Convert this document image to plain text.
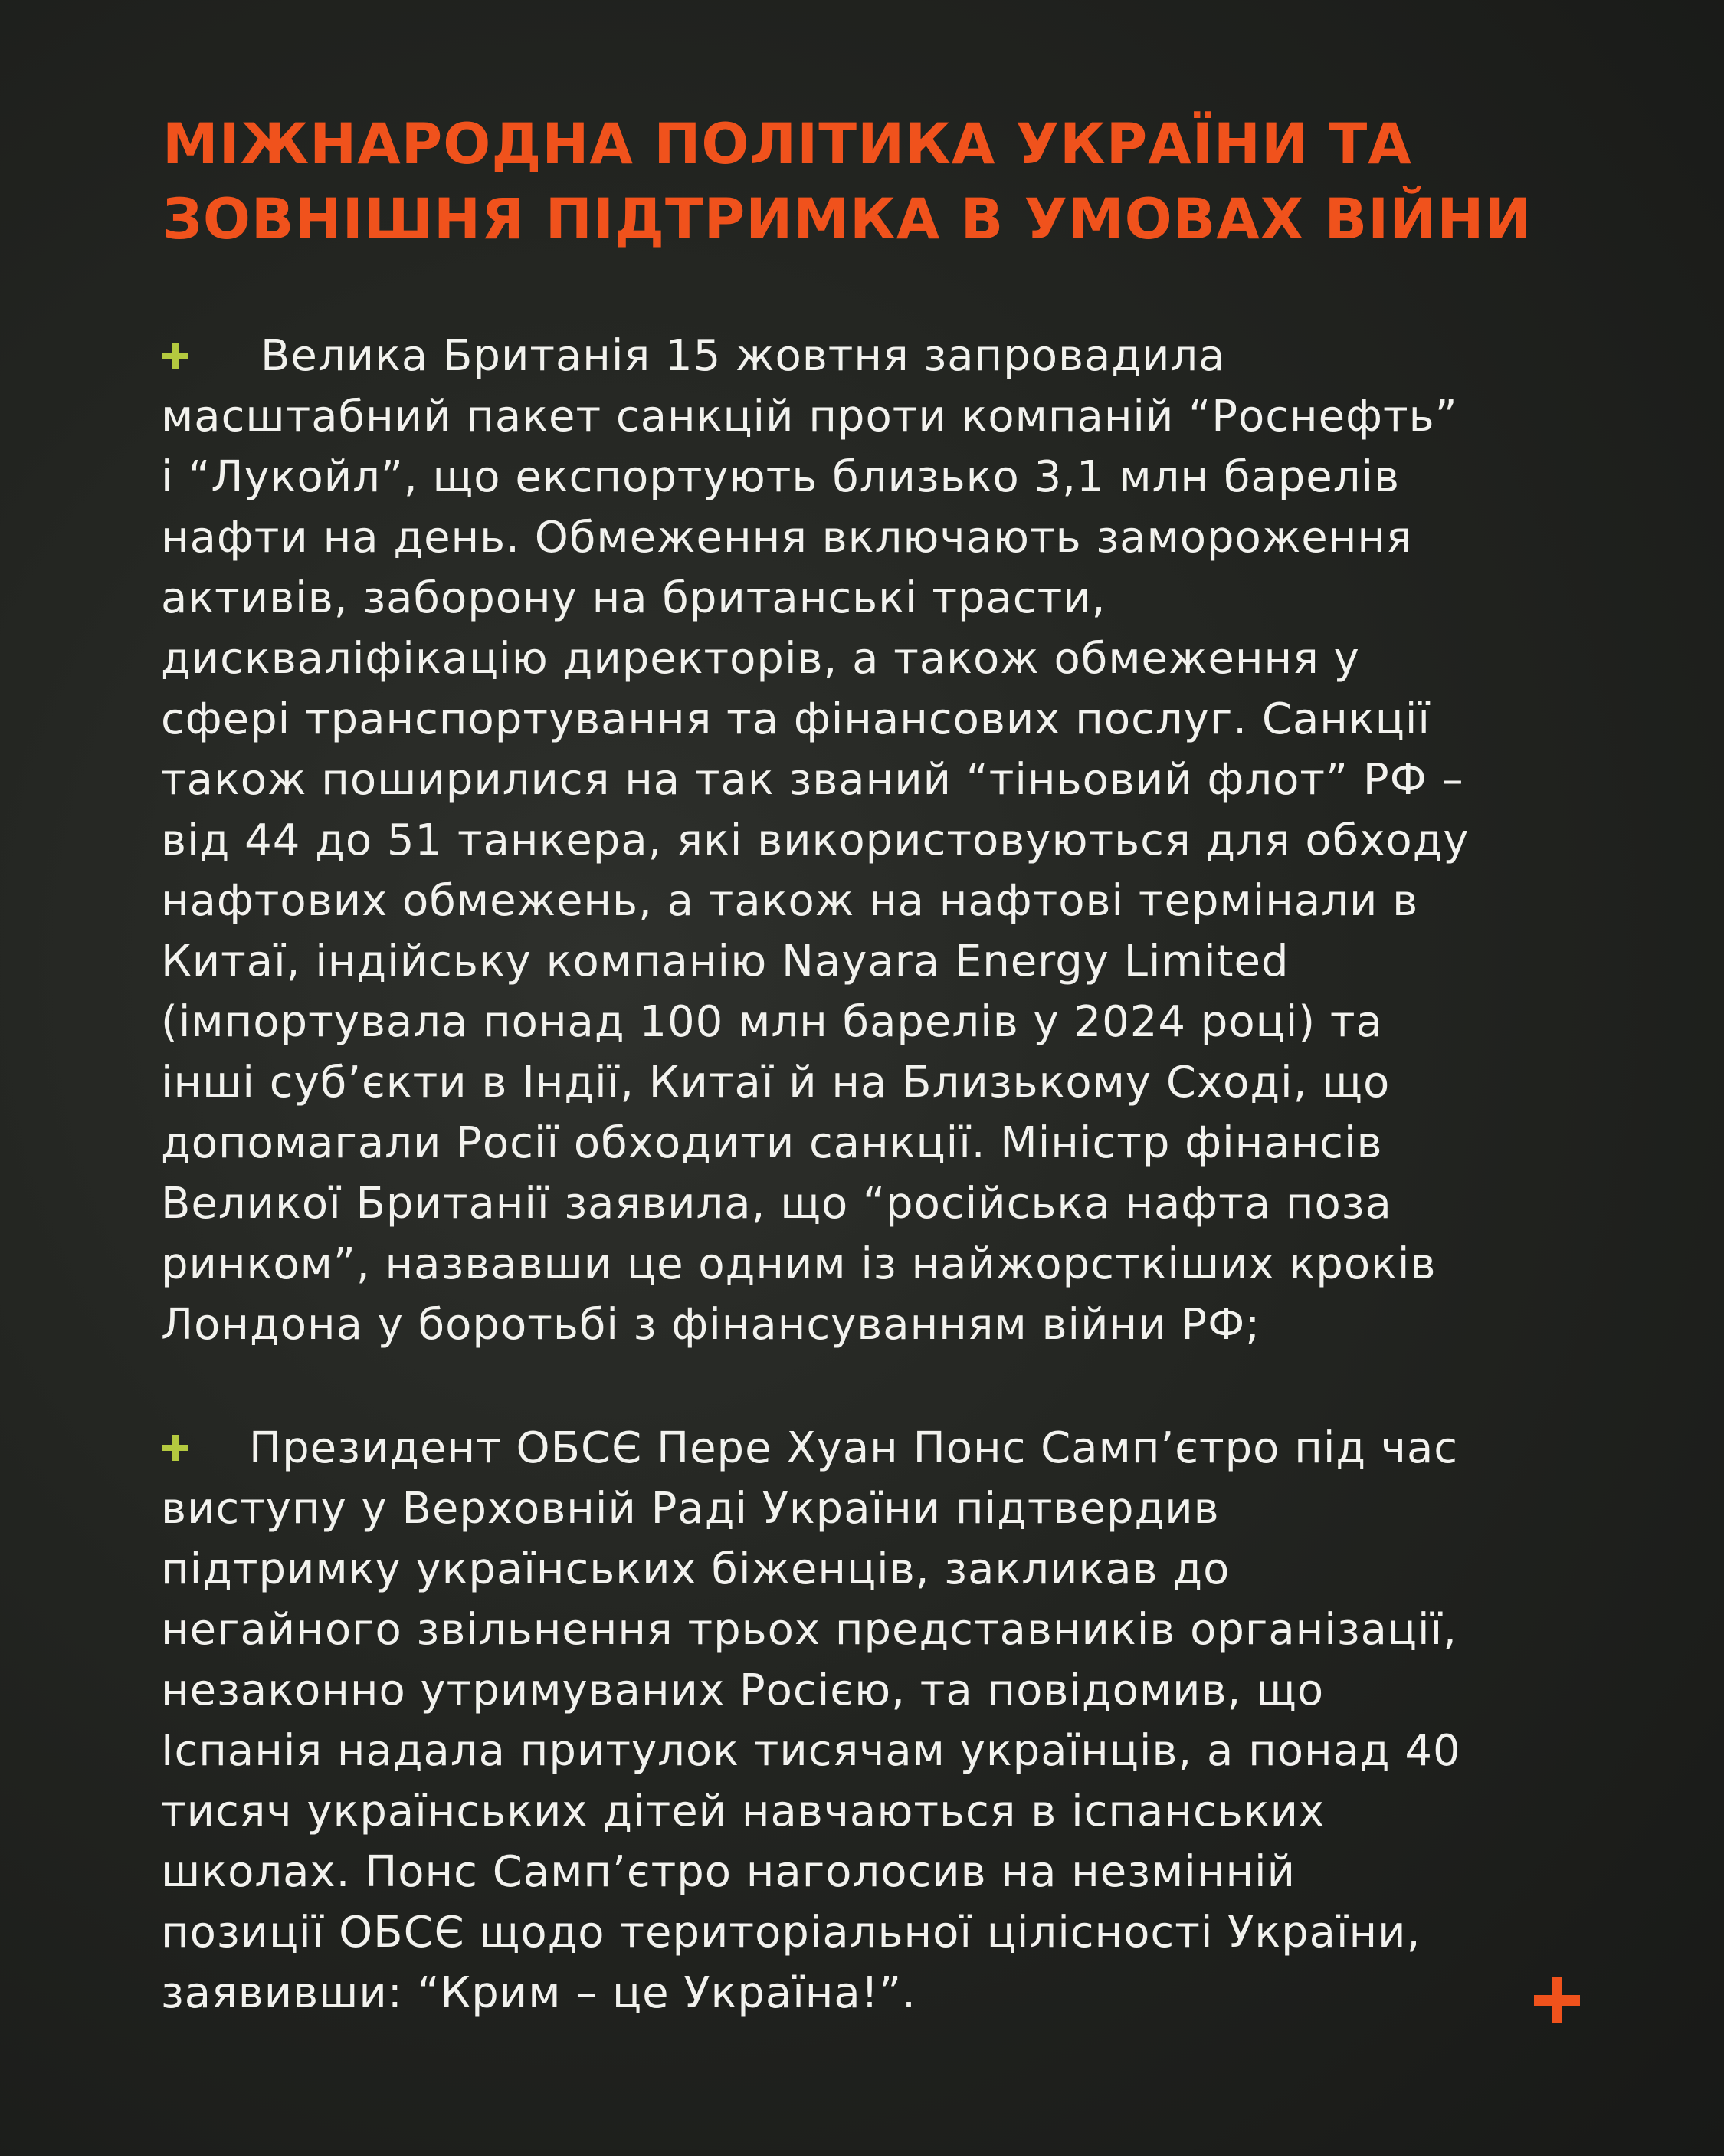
МІЖНАРОДНА ПОЛІТИКА УКРАЇНИ ТА
ЗОВНІШНЯ ПІДТРИМКА В УМОВАХ ВІЙНИ

Велика Британія 15 жовтня запровадила
масштабний пакет санкцій проти компаній “Роснефть”
і “Лукойл”, що експортують близько 3,1 млн барелів
нафти на день. Обмеження включають замороження
активів, заборону на британські трасти,
дискваліфікацію директорів, а також обмеження у
сфері транспортування та фінансових послуг. Санкції
також поширилися на так званий “тіньовий флот” РФ –
від 44 до 51 танкера, які використовуються для обходу
нафтових обмежень, а також на нафтові термінали в
Китаї, індійську компанію Nayara Energy Limited
(імпортувала понад 100 млн барелів у 2024 році) та
інші суб’єкти в Індії, Китаї й на Близькому Сході, що
допомагали Росії обходити санкції. Міністр фінансів
Великої Британії заявила, що “російська нафта поза
ринком”, назвавши це одним із найжорсткіших кроків
Лондона у боротьбі з фінансуванням війни РФ;

Президент ОБСЄ Пере Хуан Понс Самп’єтро під час
виступу у Верховній Раді України підтвердив
підтримку українських біженців, закликав до
негайного звільнення трьох представників організації,
незаконно утримуваних Росією, та повідомив, що
Іспанія надала притулок тисячам українців, а понад 40
тисяч українських дітей навчаються в іспанських
школах. Понс Самп’єтро наголосив на незмінній
позиції ОБСЄ щодо територіальної цілісності України,
заявивши: “Крим – це Україна!”.
